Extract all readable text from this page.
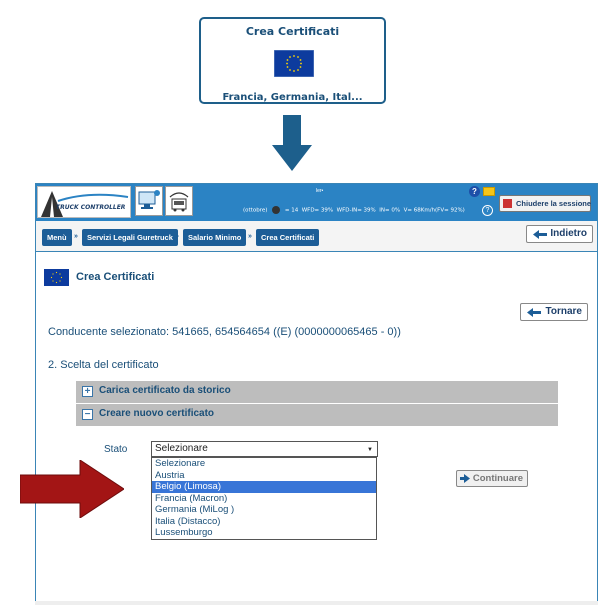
Crea Certificati
Francia, Germania, Ital...
TRUCK CONTROLLER
ler•
(ottobre)	= 14 WFD= 39% WFD-IN= 39% IN= 0% V= 68Km/h(FV= 92%)
?
?
Chiudere la sessione
Menù	»	Servizi Legali Guretruck »	Salario Minimo »	Crea Certificati	Indietro
Crea Certificati
Tornare
Conducente selezionato: 541665, 654564654 ((E) (0000000065465 - 0))
2. Scelta del certificato
+ Carica certificato da storico
− Creare nuovo certificato
Stato	Selezionare	▼
Selezionare
Austria
Belgio (Limosa)
Francia (Macron)
Germania (MiLog )
Italia (Distacco)
Lussemburgo
Continuare
